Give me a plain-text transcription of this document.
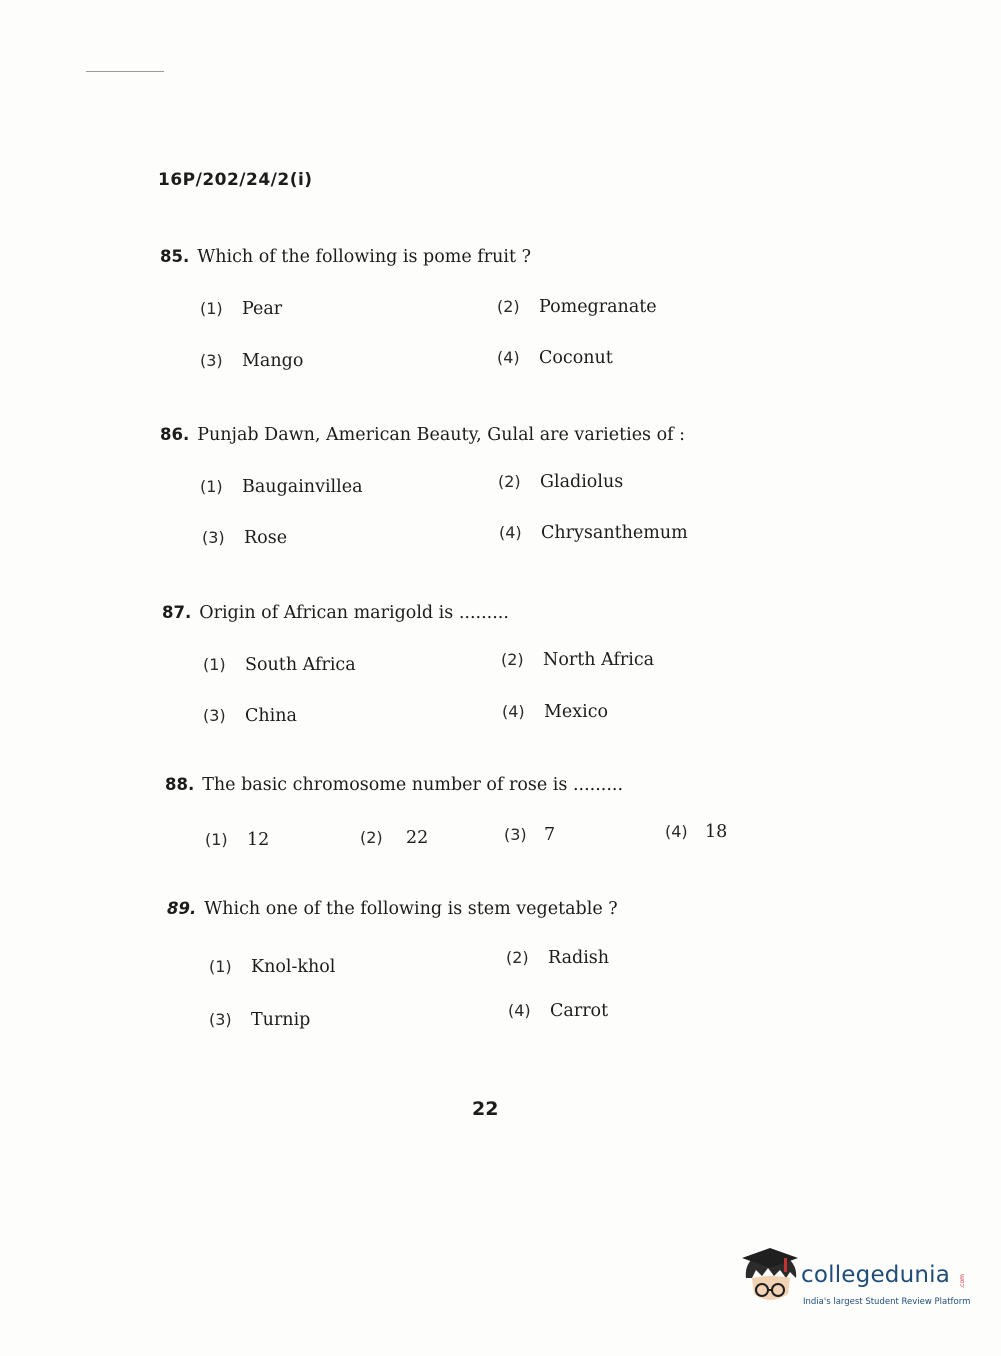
16P/202/24/2(i)
85. Which of the following is pome fruit ?
(1) Pear	(2) Pomegranate
(3) Mango	(4) Coconut
86. Punjab Dawn, American Beauty, Gulal are varieties of :
(1) Baugainvillea	(2) Gladiolus
(3) Rose	(4) Chrysanthemum
87. Origin of African marigold is .........
(1) South Africa	(2) North Africa
(3) China	(4) Mexico
88. The basic chromosome number of rose is .........
(1) 12	(2) 22	(3) 7	(4) 18
89. Which one of the following is stem vegetable ?
(1) Knol-khol	(2) Radish
(3) Turnip	(4) Carrot
22
collegedunia .com
India's largest Student Review Platform
